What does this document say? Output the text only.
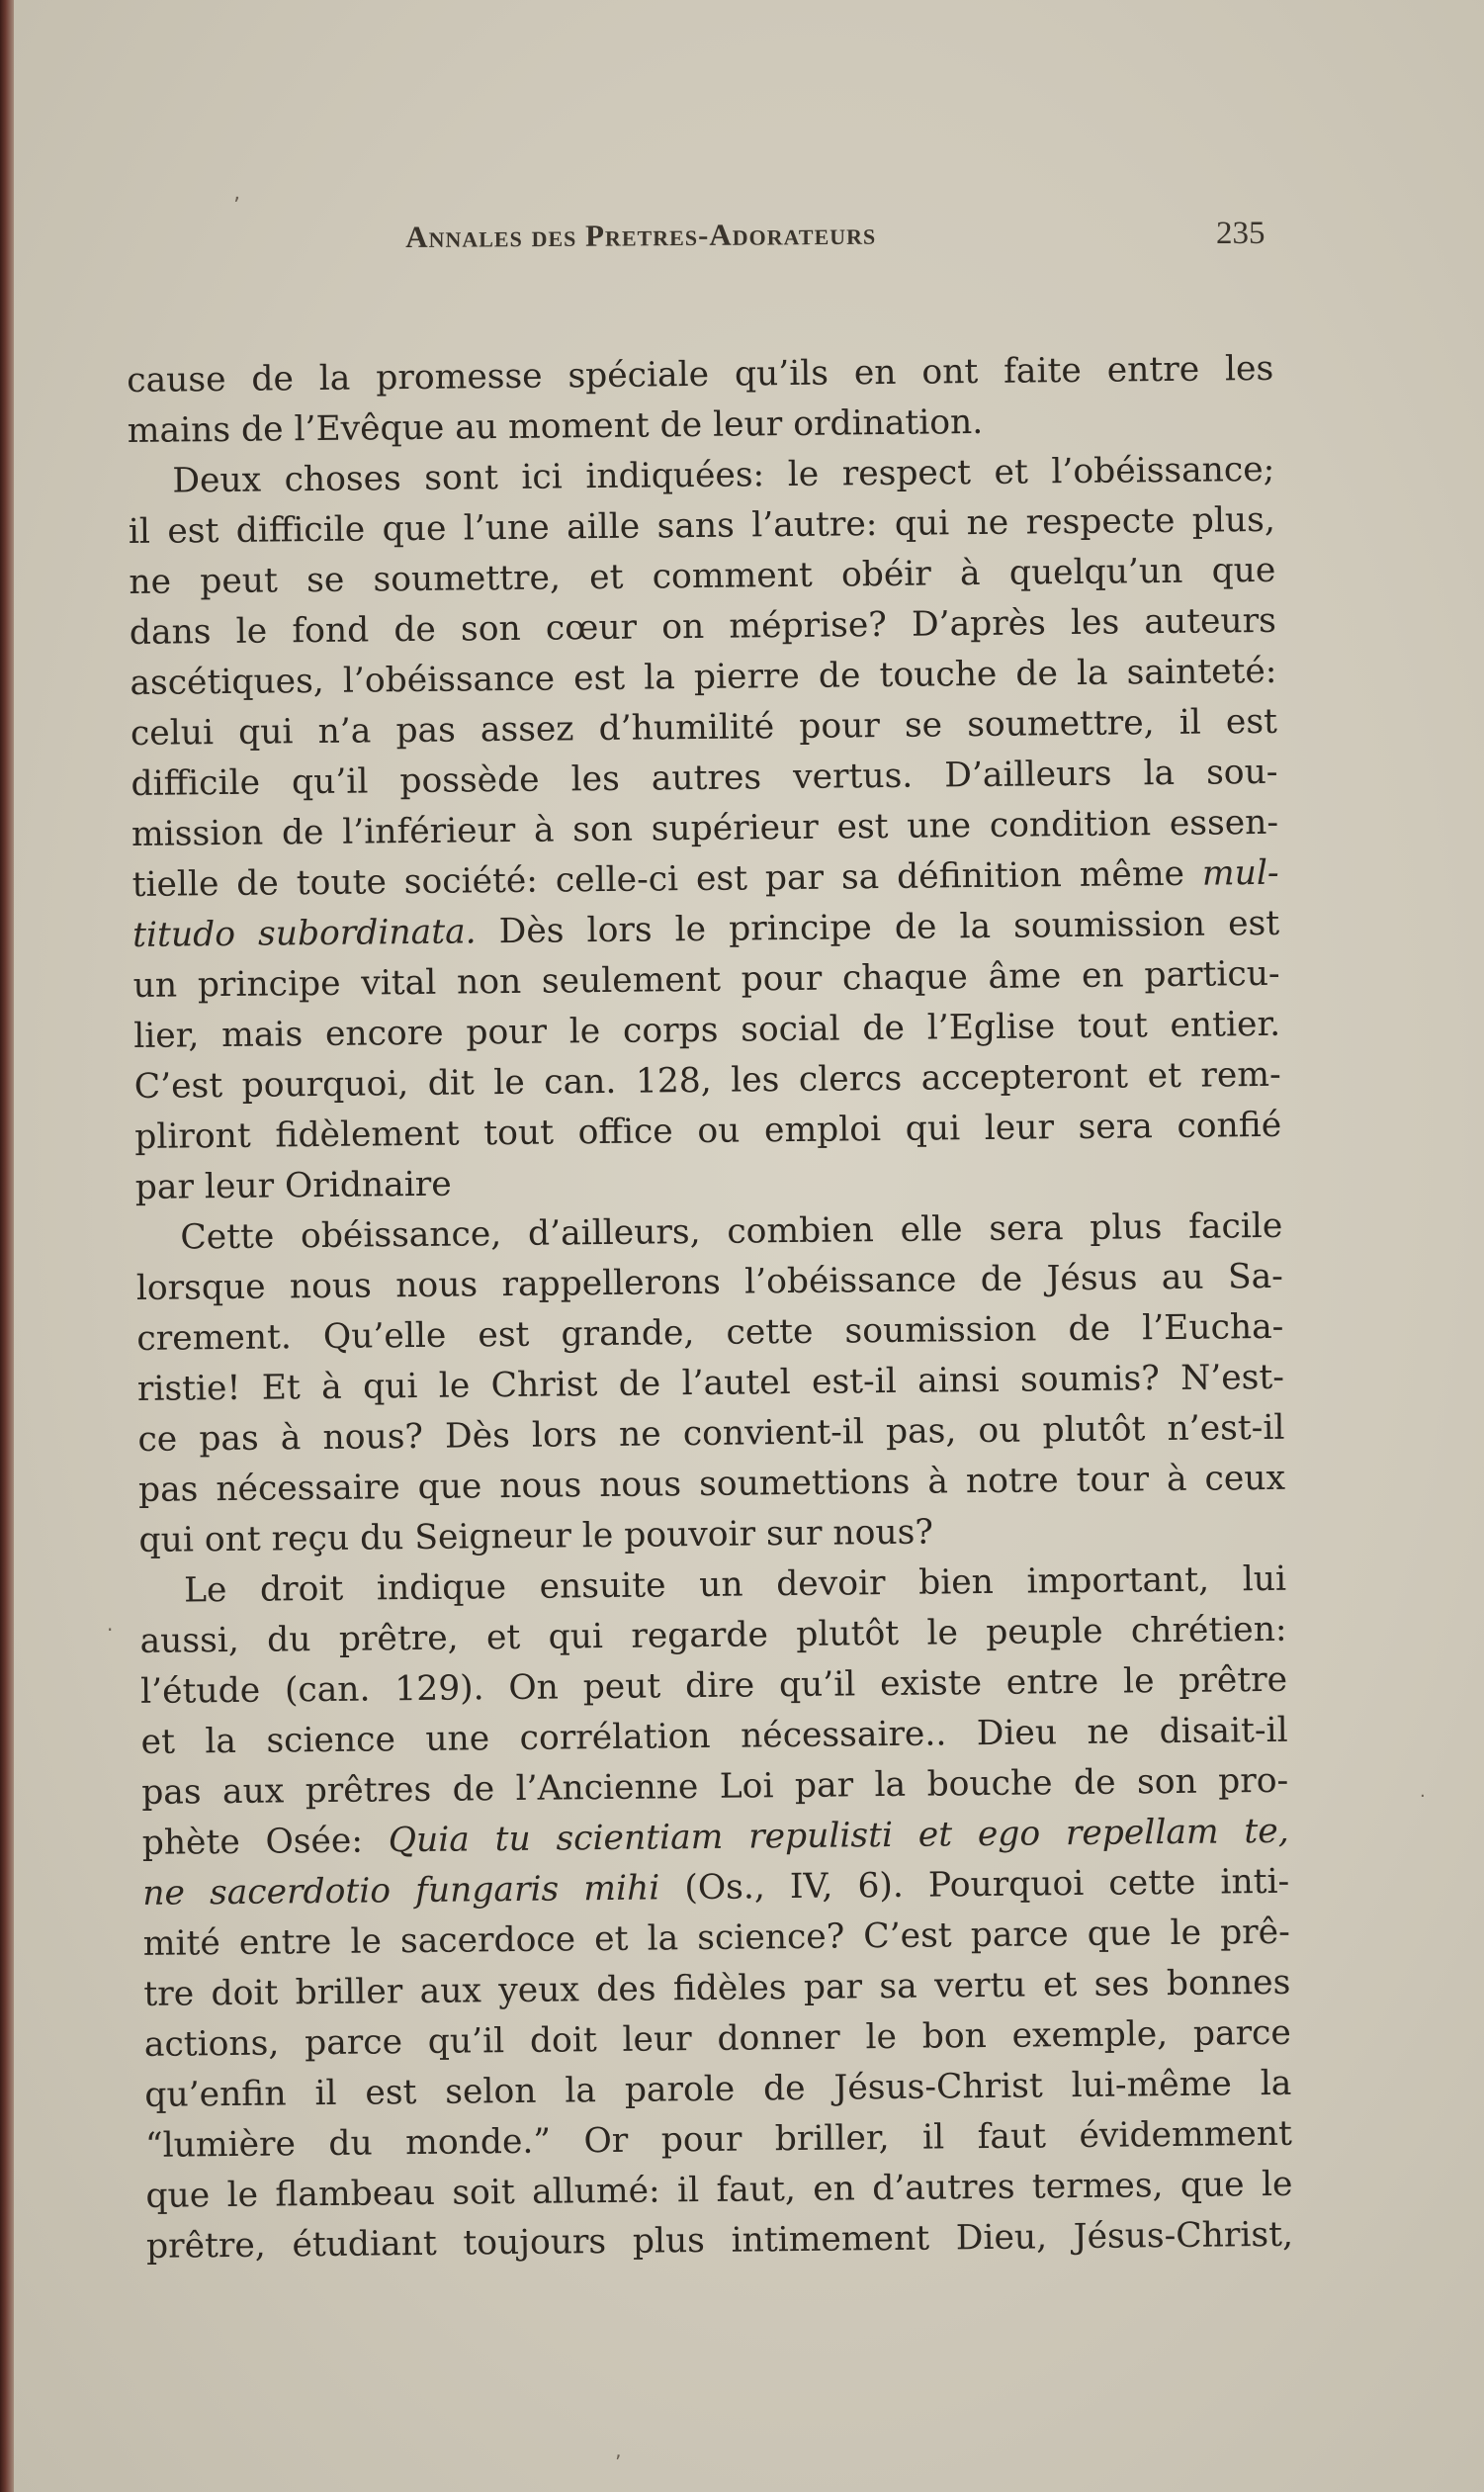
Annales des Pretres-Adorateurs	235
cause de la promesse spéciale qu’ils en ont faite entre les
mains de l’Evêque au moment de leur ordination.
Deux choses sont ici indiquées: le respect et l’obéissance;
il est difficile que l’une aille sans l’autre: qui ne respecte plus,
ne peut se soumettre, et comment obéir à quelqu’un que
dans le fond de son cœur on méprise? D’après les auteurs
ascétiques, l’obéissance est la pierre de touche de la sainteté:
celui qui n’a pas assez d’humilité pour se soumettre, il est
difficile qu’il possède les autres vertus. D’ailleurs la sou-
mission de l’inférieur à son supérieur est une condition essen-
tielle de toute société: celle-ci est par sa définition même mul-
titudo subordinata. Dès lors le principe de la soumission est
un principe vital non seulement pour chaque âme en particu-
lier, mais encore pour le corps social de l’Eglise tout entier.
C’est pourquoi, dit le can. 128, les clercs accepteront et rem-
pliront fidèlement tout office ou emploi qui leur sera confié
par leur Oridnaire
Cette obéissance, d’ailleurs, combien elle sera plus facile
lorsque nous nous rappellerons l’obéissance de Jésus au Sa-
crement. Qu’elle est grande, cette soumission de l’Eucha-
ristie! Et à qui le Christ de l’autel est-il ainsi soumis? N’est-
ce pas à nous? Dès lors ne convient-il pas, ou plutôt n’est-il
pas nécessaire que nous nous soumettions à notre tour à ceux
qui ont reçu du Seigneur le pouvoir sur nous?
Le droit indique ensuite un devoir bien important, lui
aussi, du prêtre, et qui regarde plutôt le peuple chrétien:
l’étude (can. 129). On peut dire qu’il existe entre le prêtre
et la science une corrélation nécessaire.. Dieu ne disait-il
pas aux prêtres de l’Ancienne Loi par la bouche de son pro-
phète Osée: Quia tu scientiam repulisti et ego repellam te,
ne sacerdotio fungaris mihi (Os., IV, 6). Pourquoi cette inti-
mité entre le sacerdoce et la science? C’est parce que le prê-
tre doit briller aux yeux des fidèles par sa vertu et ses bonnes
actions, parce qu’il doit leur donner le bon exemple, parce
qu’enfin il est selon la parole de Jésus-Christ lui-même la
“lumière du monde.” Or pour briller, il faut évidemment
que le flambeau soit allumé: il faut, en d’autres termes, que le
prêtre, étudiant toujours plus intimement Dieu, Jésus-Christ,
ʼ
·
·
ʼ
